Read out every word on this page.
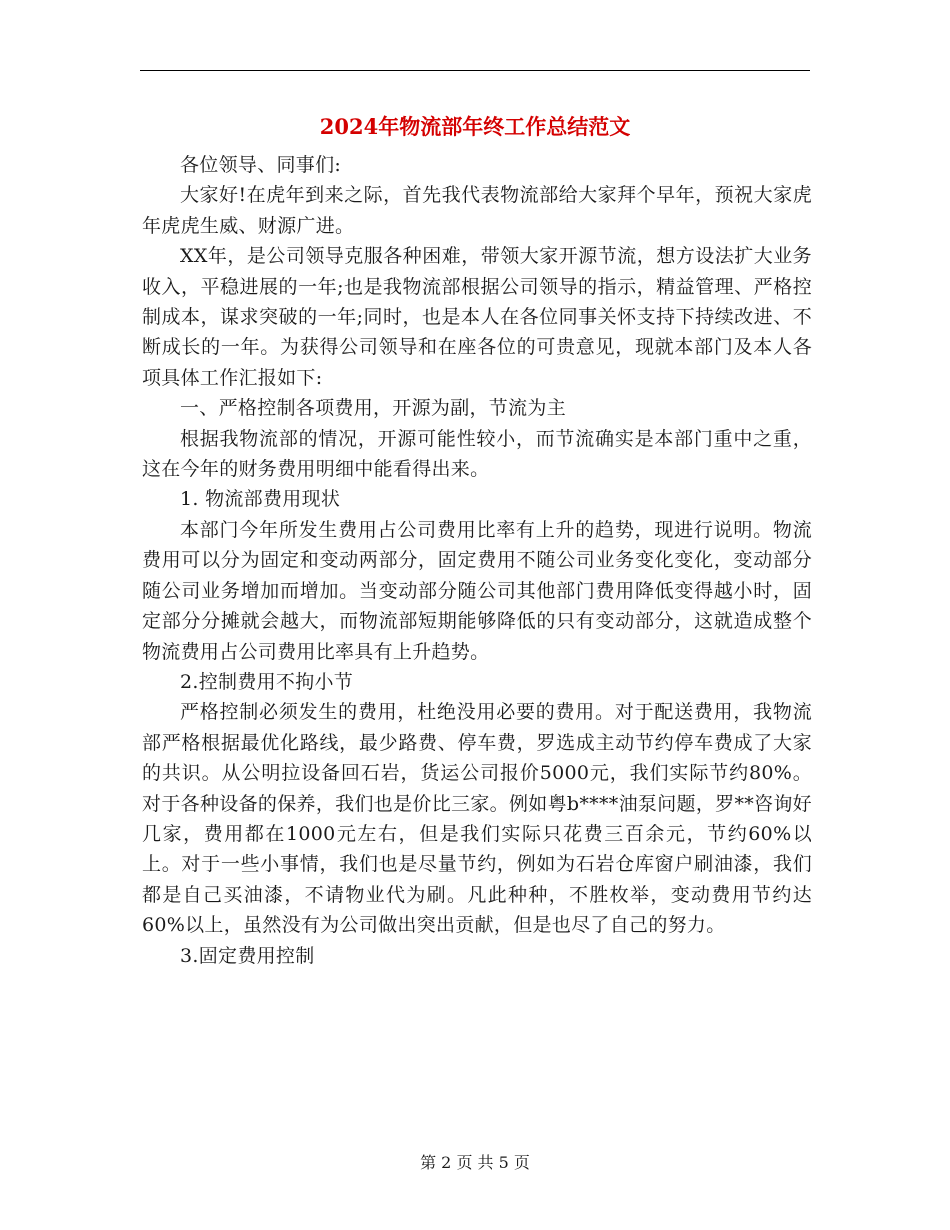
2024年物流部年终工作总结范文

各位领导、同事们:

大家好!在虎年到来之际，首先我代表物流部给大家拜个早年，预祝大家虎年虎虎生威、财源广进。

XX年，是公司领导克服各种困难，带领大家开源节流，想方设法扩大业务收入，平稳进展的一年;也是我物流部根据公司领导的指示，精益管理、严格控制成本，谋求突破的一年;同时，也是本人在各位同事关怀支持下持续改进、不断成长的一年。为获得公司领导和在座各位的可贵意见，现就本部门及本人各项具体工作汇报如下:

一、严格控制各项费用，开源为副，节流为主

根据我物流部的情况，开源可能性较小，而节流确实是本部门重中之重，这在今年的财务费用明细中能看得出来。

1. 物流部费用现状

本部门今年所发生费用占公司费用比率有上升的趋势，现进行说明。物流费用可以分为固定和变动两部分，固定费用不随公司业务变化变化，变动部分随公司业务增加而增加。当变动部分随公司其他部门费用降低变得越小时，固定部分分摊就会越大，而物流部短期能够降低的只有变动部分，这就造成整个物流费用占公司费用比率具有上升趋势。

2.控制费用不拘小节

严格控制必须发生的费用，杜绝没用必要的费用。对于配送费用，我物流部严格根据最优化路线，最少路费、停车费，罗选成主动节约停车费成了大家的共识。从公明拉设备回石岩，货运公司报价5000元，我们实际节约80%。对于各种设备的保养，我们也是价比三家。例如粤b****油泵问题，罗**咨询好几家，费用都在1000元左右，但是我们实际只花费三百余元，节约60%以上。对于一些小事情，我们也是尽量节约，例如为石岩仓库窗户刷油漆，我们都是自己买油漆，不请物业代为刷。凡此种种，不胜枚举，变动费用节约达60%以上，虽然没有为公司做出突出贡献，但是也尽了自己的努力。

3.固定费用控制

第 2 页 共 5 页
